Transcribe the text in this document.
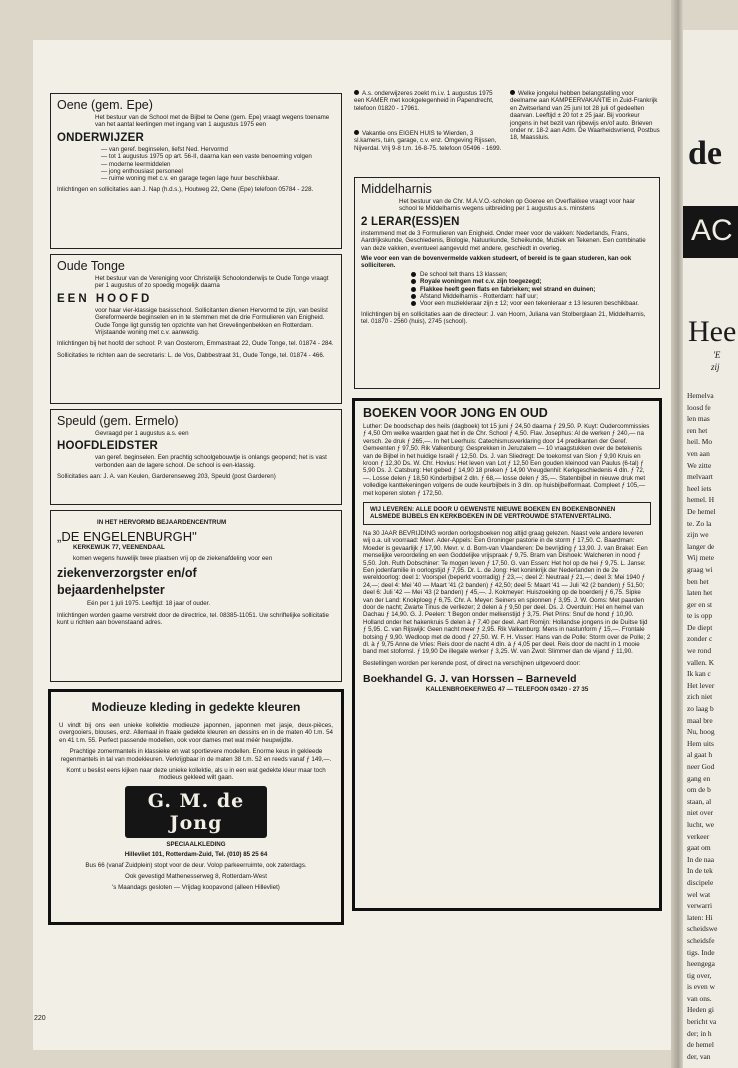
Oene (gem. Epe)

Het bestuur van de School met de Bijbel te Oene (gem. Epe) vraagt wegens toename van het aantal leerlingen met ingang van 1 augustus 1975 een

ONDERWIJZER
— van geref. beginselen, liefst Ned. Hervormd
— tot 1 augustus 1975 op art. 56-II, daarna kan een vaste benoeming volgen
— moderne leermiddelen
— jong enthousiast personeel
— ruime woning met c.v. en garage tegen lage huur beschikbaar.

Inlichtingen en sollicitaties aan J. Nap (h.d.s.), Houtweg 22, Oene (Epe) telefoon 05784 - 228.

Oude Tonge

Het bestuur van de Vereniging voor Christelijk Schoolonderwijs te Oude Tonge vraagt per 1 augustus of zo spoedig mogelijk daarna

EEN HOOFD

voor haar vier-klassige basisschool. Sollicitanten dienen Hervormd te zijn, van beslist Gereformeerde beginselen en in te stemmen met de drie Formulieren van Enigheid. Oude Tonge ligt gunstig ten opzichte van het Grevelingenbekken en Rotterdam. Vrijstaande woning met c.v. aanwezig.

Inlichtingen bij het hoofd der school: P. van Oosterom, Emmastraat 22, Oude Tonge, tel. 01874 - 284.

Sollicitaties te richten aan de secretaris: L. de Vos, Dabbestraat 31, Oude Tonge, tel. 01874 - 466.

Speuld (gem. Ermelo)

Gevraagd per 1 augustus a.s. een

HOOFDLEIDSTER

van geref. beginselen. Een prachtig schoolgebouwtje is onlangs geopend; het is vast verbonden aan de lagere school. De school is een-klassig.

Sollicitaties aan: J. A. van Keulen, Garderenseweg 203, Speuld (post Garderen)

IN HET HERVORMD BEJAARDENCENTRUM

„DE ENGELENBURGH"

KERKEWIJK 77, VEENENDAAL

komen wegens huwelijk twee plaatsen vrij op de ziekenafdeling voor een

ziekenverzorgster en/of
bejaardenhelpster

Eén per 1 juli 1975. Leeftijd: 18 jaar of ouder.

Inlichtingen worden gaarne verstrekt door de directrice, tel. 08385-11051. Uw schriftelijke sollicitatie kunt u richten aan bovenstaand adres.

Modieuze kleding in gedekte kleuren

U vindt bij ons een unieke kollektie modieuze japonnen, japonnen met jasje, deux-pièces, overgooiers, blouses, enz. Allemaal in fraaie gedekte kleuren en dessins en in de maten 40 t.m. 54 en 41 t.m. 55. Perfect passende modellen, ook voor dames met wat méér heupwijdte.

Prachtige zomermantels in klassieke en wat sportievere modellen. Enorme keus in gekleede regenmantels in tal van modekleuren. Verkrijgbaar in de maten 38 t.m. 52 en reeds vanaf ƒ 149,—.

Komt u beslist eens kijken naar deze unieke kollektie, als u in een wat gedekte kleur maar toch modieus gekleed wilt gaan.

G. M. de Jong

SPECIAALKLEDING

Hillevliet 101, Rotterdam-Zuid, Tel. (010) 85 25 64

Bus 66 (vanaf Zuidplein) stopt voor de deur. Volop parkeerruimte, ook zaterdags.

Ook gevestigd Mathenesserweg 8, Rotterdam-West

's Maandags gesloten — Vrijdag koopavond (alleen Hillevliet)

A.s. onderwijzeres zoekt m.i.v. 1 augustus 1975 een KAMER met kookgelegenheid in Papendrecht, telefoon 01820 - 17961.

Vakantie ons EIGEN HUIS te Wierden, 3 sl.kamers, tuin, garage, c.v. enz. Omgeving Rijssen, Nijverdal. Vrij 9-8 t.m. 16-8-75. telefoon 05496 - 1699.

Welke jongelui hebben belangstelling voor deelname aan KAMPEERVAKANTIE in Zuid-Frankrijk en Zwitserland van 25 juni tot 28 juli of gedeelten daarvan. Leeftijd ± 20 tot ± 25 jaar. Bij voorkeur jongens in het bezit van rijbewijs en/of auto. Brieven onder nr. 18-2 aan Adm. De Waarheidsvriend, Postbus 18, Maassluis.

Middelharnis

Het bestuur van de Chr. M.A.V.O.-scholen op Goeree en Overflakkee vraagt voor haar school te Middelharnis wegens uitbreiding per 1 augustus a.s. minstens

2 LERAR(ESS)EN

instemmend met de 3 Formulieren van Enigheid. Onder meer voor de vakken: Nederlands, Frans, Aardrijkskunde, Geschiedenis, Biologie, Natuurkunde, Scheikunde, Muziek en Tekenen. Een combinatie van deze vakken, eventueel aangevuld met andere, geschiedt in overleg.

Wie voor een van de bovenvermelde vakken studeert, of bereid is te gaan studeren, kan ook solliciteren.

De school telt thans 13 klassen;
Royale woningen met c.v. zijn toegezegd;
Flakkee heeft geen flats en fabrieken; wel strand en duinen;
Afstand Middelharnis - Rotterdam: half uur;
Voor een muziekleraar zijn ± 12; voor een tekenleraar ± 13 lesuren beschikbaar.

Inlichtingen bij en sollicitaties aan de directeur: J. van Hoorn, Juliana van Stolberglaan 21, Middelharnis, tel. 01870 - 2560 (huis), 2745 (school).

BOEKEN VOOR JONG EN OUD

Luther: De boodschap des heils (dagboek) tot 15 juni ƒ 24,50 daarna ƒ 29,50. P. Kuyt: Oudercommissies ƒ 4,50 Om welke waarden gaat het in de Chr. School ƒ 4,50. Flav. Josephus: Al de werken ƒ 240,— na versch. 2e druk ƒ 265,—. In het Leerhuis: Catechismusverklaring door 14 predikanten der Geref. Gemeenten ƒ 97,50. Rik Valkenburg: Gesprekken in Jeruzalem — 10 vraagstukken over de betekenis van de Bijbel in het huidige Israël ƒ 12,50. Ds. J. van Sliedregt: De toekomst van Sion ƒ 9,90 Kruis en kroon ƒ 12,30 Ds. W. Chr. Hovius: Het leven van Lot ƒ 12,50 Een gouden kleinood van Paulus (6-tal) ƒ 5,90 Ds. J. Catsburg: Het gebed ƒ 14,90 18 preken ƒ 14,90 Vreugdenhil: Kerkgeschiedenis 4 dln. ƒ 72,—. Losse delen ƒ 18,50 Kinderbijbel 2 dln. ƒ 68,— losse delen ƒ 35,—. Statenbijbel in nieuwe druk met volledige kanttekeningen volgens de oude keurbijbels in 3 dln. op huisbijbelformaat. Compleet ƒ 105,— met koperen sloten ƒ 172,50.

WIJ LEVEREN: ALLE DOOR U GEWENSTE NIEUWE BOEKEN EN BOEKENBONNEN ALSMEDE BIJBELS EN KERKBOEKEN IN DE VERTROUWDE STATENVERTALING.

Na 30 JAAR BEVRIJDING worden oorlogsboeken nog altijd graag gelezen. Naast vele andere leveren wij o.a. uit voorraad: Mevr. Ader-Appels: Een Groninger pastorie in de storm ƒ 17,50. C. Baardman: Moeder is gevaarlijk ƒ 17,90. Mevr. v. d. Born-van Vlaanderen: De bevrijding ƒ 13,90. J. van Brakel: Een menselijke veroordeling en een Goddelijke vrijspraak ƒ 9,75. Bram van Dishoek: Walcheren in nood ƒ 5,50. Joh. Ruth Dobschiner: Te mogen leven ƒ 17,50. G. van Essen: Het hol op de hei ƒ 9,75. L. Janse: Een jodenfamilie in oorlogstijd ƒ 7,95. Dr. L. de Jong: Het koninkrijk der Nederlanden in de 2e wereldoorlog: deel 1: Voorspel (beperkt voorradig) ƒ 23,—; deel 2: Neutraal ƒ 21,—; deel 3: Mei 1940 ƒ 24,—; deel 4: Mei '40 — Maart '41 (2 banden) ƒ 42,50; deel 5: Maart '41 — Juli '42 (2 banden) ƒ 51,50; deel 6: Juli '42 — Mei '43 (2 banden) ƒ 45,—. J. Kokmeyer: Huiszoeking op de boerderij ƒ 6,75. Sipke van der Land: Knokploeg ƒ 6,75. Chr. A. Meyer: Seiners en spionnen ƒ 3,95. J. W. Ooms: Met paarden door de nacht; Zwarte Tinus de verliezer; 2 delen à ƒ 9,50 per deel. Ds. J. Overduin: Hel en hemel van Dachau ƒ 14,90. G. J. Peelen: 't Begon onder melkenstijd ƒ 3,75. Piet Prins: Snuf de hond ƒ 10,90. Holland onder het hakenkruis 5 delen à ƒ 7,40 per deel. Aart Romijn: Hollandse jongens in de Duitse tijd ƒ 5,95. C. van Rijswijk: Geen nacht meer ƒ 2,95. Rik Valkenburg: Mens in nastunform ƒ 15,—. Frontale botsing ƒ 9,90. Wedloop met de dood ƒ 27,50. W. F. H. Visser: Hans van de Polle: Storm over de Polle; 2 dl. à ƒ 9,75 Anne de Vries: Reis door de nacht 4 dln. à ƒ 4,05 per deel. Reis door de nacht in 1 mooie band met stofomsl. ƒ 19,90 De illegale werker ƒ 3,25. W. van Zwol: Slimmer dan de vijand ƒ 11,90.

Bestellingen worden per kerende post, of direct na verschijnen uitgevoerd door:

Boekhandel G. J. van Horssen – Barneveld

KALLENBROEKERWEG 47 — TELEFOON 03420 - 27 35

220
de
AC
Hee
'E
zij
Hemelva
loosd fe
len mas
ren het
heil. Mo
ven aan
We zitte
melvaart
heel iets
hemel. H
De hemel
te. Zo la
zijn we
langer de
Wij mete
graag wi
ben het
laten het
ger en st
te is opp
De diept
zonder c
we rond
vallen. K
Ik kan c
Het lever
zich niet
zo laag b
maal bre
Nu, hoog
Hem uits
al gaat h
neer God
gang en
om de b
staan, al
niet over
lucht, we
verkeer
gaat om
In de naa
In de tek
discipele
wel wat
verwarri
laten: Hi
scheidswe
scheidsfe
tigs. Inde
heengega
tig over,
is even w
van ons.
Heden gi
bericht va
der; in h
de hemel
der, van
